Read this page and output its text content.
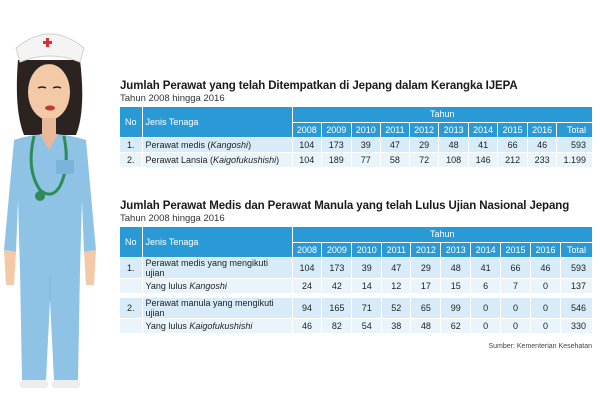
Jumlah Perawat yang telah Ditempatkan di Jepang dalam Kerangka IJEPA
Tahun 2008 hingga 2016
No	Jenis Tenaga	Tahun									
		2008	2009	2010	2011	2012	2013	2014	2015	2016	Total
1.	Perawat medis (Kangoshi)	104	173	39	47	29	48	41	66	46	593
2.	Perawat Lansia (Kaigofukushishi)	104	189	77	58	72	108	146	212	233	1.199
Jumlah Perawat Medis dan Perawat Manula yang telah Lulus Ujian Nasional Jepang
Tahun 2008 hingga 2016
No	Jenis Tenaga	Tahun									
		2008	2009	2010	2011	2012	2013	2014	2015	2016	Total
1.	Perawat medis yang mengikuti ujian	104	173	39	47	29	48	41	66	46	593
	Yang lulus Kangoshi	24	42	14	12	17	15	6	7	0	137

2.	Perawat manula yang mengikuti ujian	94	165	71	52	65	99	0	0	0	546
	Yang lulus Kaigofukushishi	46	82	54	38	48	62	0	0	0	330
Sumber: Kementerian Kesehatan
